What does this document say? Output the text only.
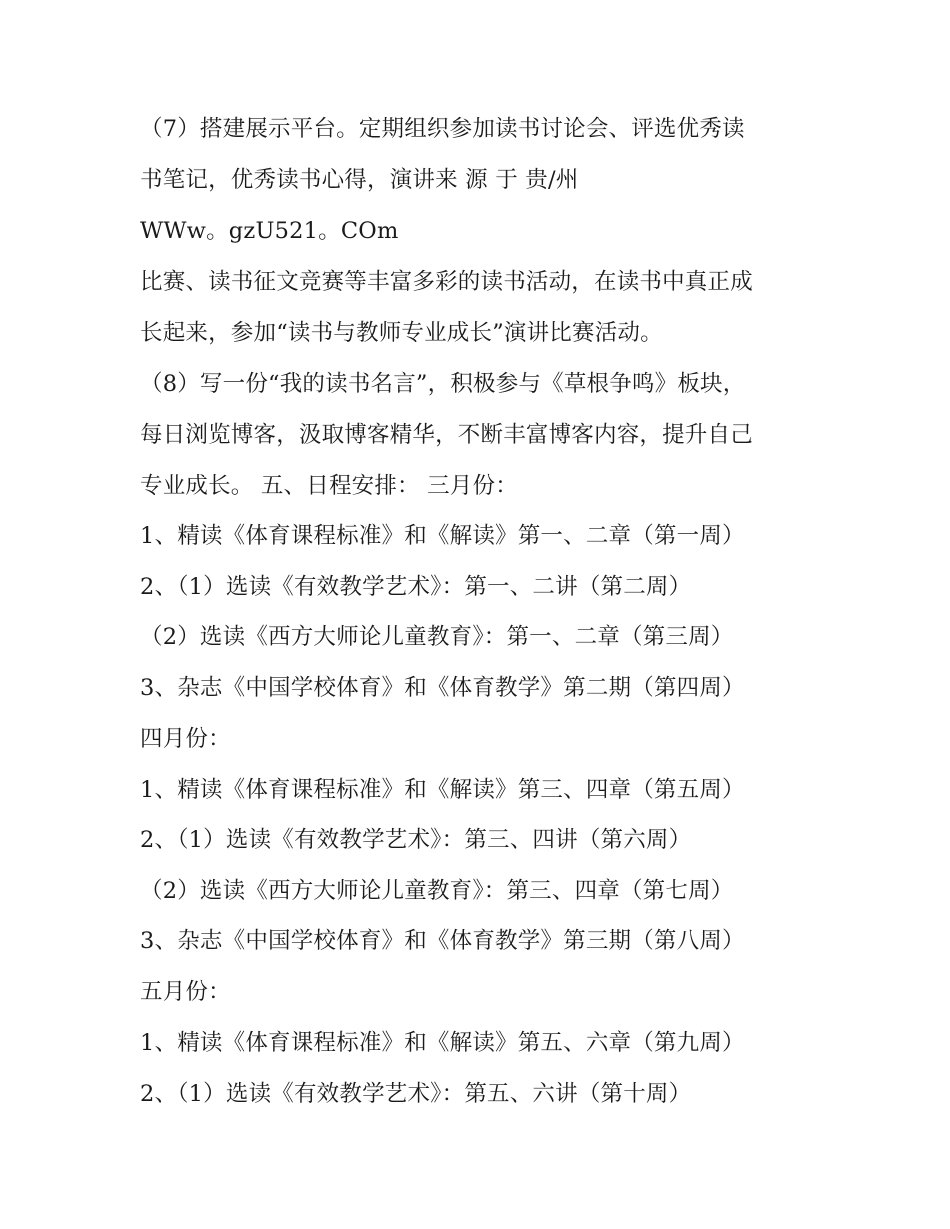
（7）搭建展示平台。定期组织参加读书讨论会、评选优秀读
书笔记，优秀读书心得，演讲来 源 于 贵/州
WWw。gzU521。COm
比赛、读书征文竞赛等丰富多彩的读书活动，在读书中真正成
长起来，参加“读书与教师专业成长”演讲比赛活动。
（8）写一份“我的读书名言”，积极参与《草根争鸣》板块，
每日浏览博客，汲取博客精华，不断丰富博客内容，提升自己
专业成长。 五、日程安排： 三月份：
1、精读《体育课程标准》和《解读》第一、二章（第一周）
2、（1）选读《有效教学艺术》：第一、二讲（第二周）
（2）选读《西方大师论儿童教育》：第一、二章（第三周）
3、杂志《中国学校体育》和《体育教学》第二期（第四周）
四月份：
1、精读《体育课程标准》和《解读》第三、四章（第五周）
2、（1）选读《有效教学艺术》：第三、四讲（第六周）
（2）选读《西方大师论儿童教育》：第三、四章（第七周）
3、杂志《中国学校体育》和《体育教学》第三期（第八周）
五月份：
1、精读《体育课程标准》和《解读》第五、六章（第九周）
2、（1）选读《有效教学艺术》：第五、六讲（第十周）
